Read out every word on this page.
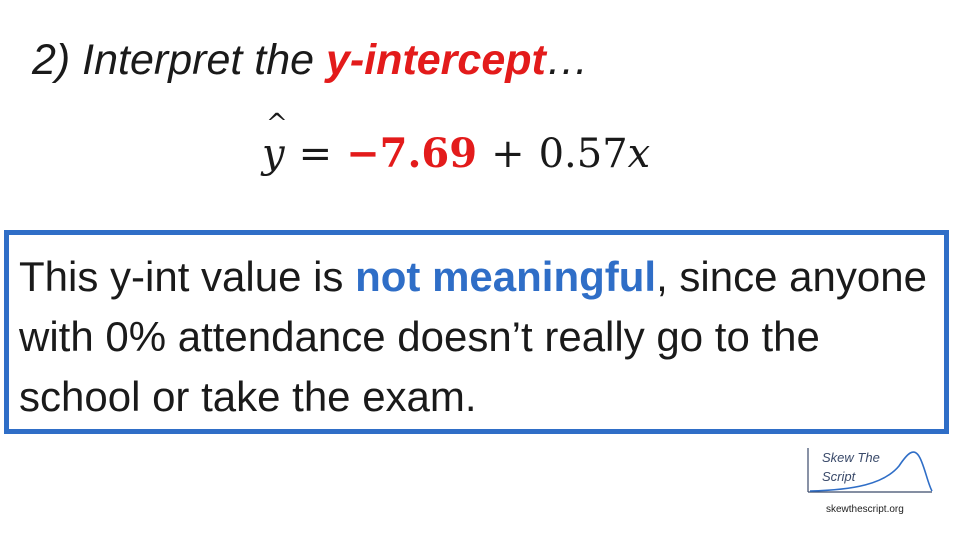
2) Interpret the y-intercept…
^ y = −7.69 + 0.57x
This y-int value is not meaningful, since anyone with 0% attendance doesn’t really go to the school or take the exam.
Skew The
Script
skewthescript.org
